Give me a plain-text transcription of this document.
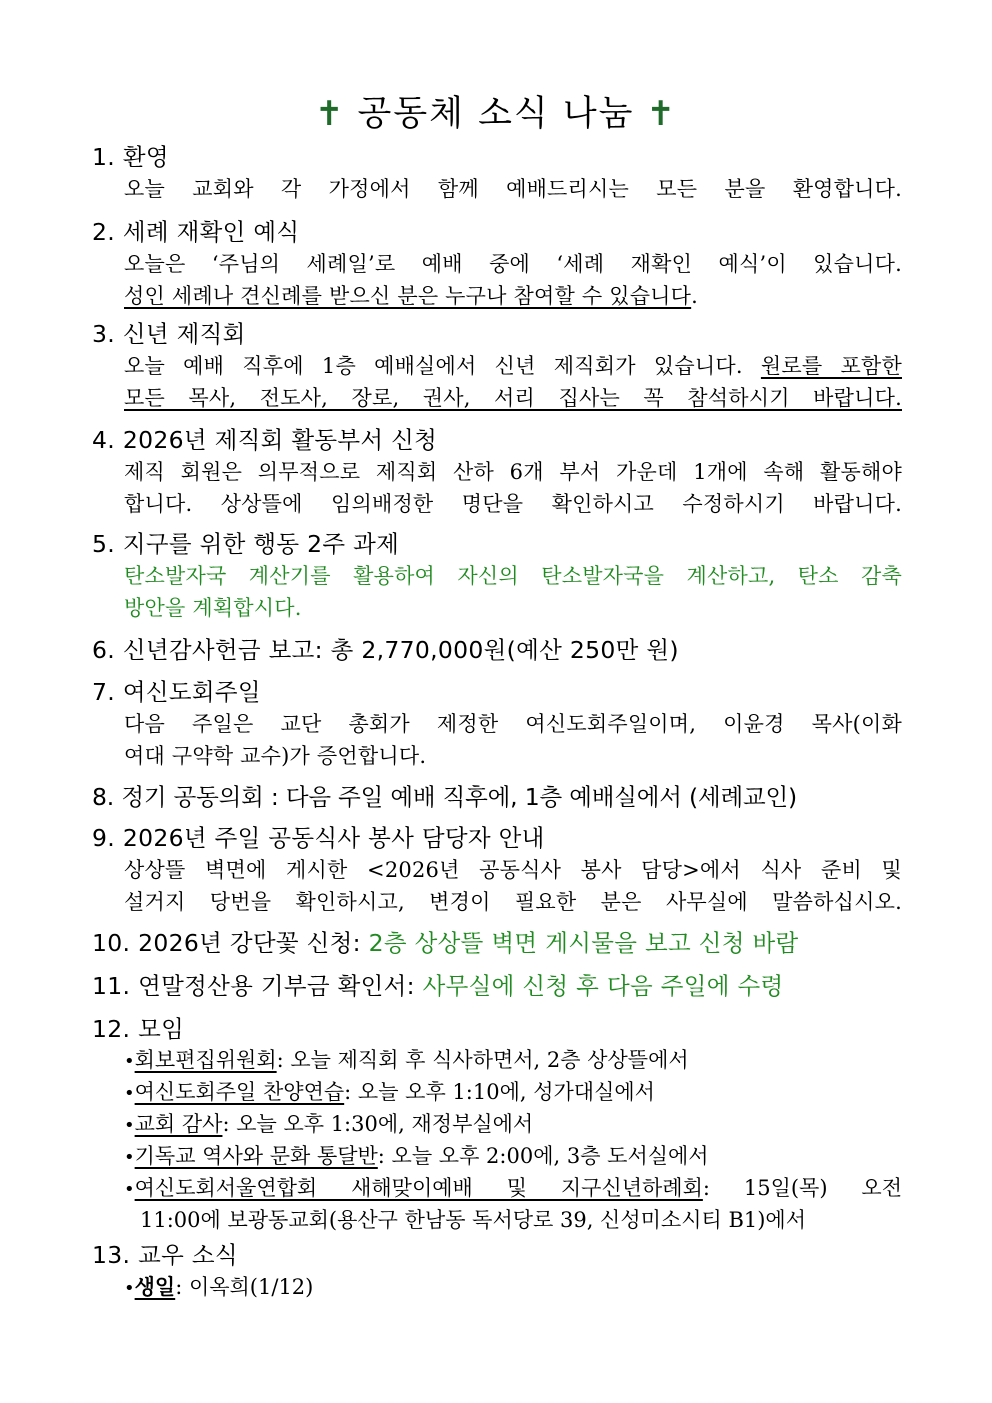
✝ 공동체 소식 나눔 ✝
1. 환영
오늘 교회와 각 가정에서 함께 예배드리시는 모든 분을 환영합니다.
2. 세례 재확인 예식
오늘은 ‘주님의 세례일’로 예배 중에 ‘세례 재확인 예식’이 있습니다.
성인 세례나 견신례를 받으신 분은 누구나 참여할 수 있습니다.
3. 신년 제직회
오늘 예배 직후에 1층 예배실에서 신년 제직회가 있습니다. 원로를 포함한
모든 목사, 전도사, 장로, 권사, 서리 집사는 꼭 참석하시기 바랍니다.
4. 2026년 제직회 활동부서 신청
제직 회원은 의무적으로 제직회 산하 6개 부서 가운데 1개에 속해 활동해야
합니다. 상상뜰에 임의배정한 명단을 확인하시고 수정하시기 바랍니다.
5. 지구를 위한 행동 2주 과제
탄소발자국 계산기를 활용하여 자신의 탄소발자국을 계산하고, 탄소 감축
방안을 계획합시다.
6. 신년감사헌금 보고: 총 2,770,000원(예산 250만 원)
7. 여신도회주일
다음 주일은 교단 총회가 제정한 여신도회주일이며, 이윤경 목사(이화
여대 구약학 교수)가 증언합니다.
8. 정기 공동의회 : 다음 주일 예배 직후에, 1층 예배실에서 (세례교인)
9. 2026년 주일 공동식사 봉사 담당자 안내
상상뜰 벽면에 게시한 <2026년 공동식사 봉사 담당>에서 식사 준비 및
설거지 당번을 확인하시고, 변경이 필요한 분은 사무실에 말씀하십시오.
10. 2026년 강단꽃 신청: 2층 상상뜰 벽면 게시물을 보고 신청 바람
11. 연말정산용 기부금 확인서: 사무실에 신청 후 다음 주일에 수령
12. 모임
•회보편집위원회: 오늘 제직회 후 식사하면서, 2층 상상뜰에서
•여신도회주일 찬양연습: 오늘 오후 1:10에, 성가대실에서
•교회 감사: 오늘 오후 1:30에, 재정부실에서
•기독교 역사와 문화 통달반: 오늘 오후 2:00에, 3층 도서실에서
•여신도회서울연합회 새해맞이예배 및 지구신년하례회: 15일(목) 오전
11:00에 보광동교회(용산구 한남동 독서당로 39, 신성미소시티 B1)에서
13. 교우 소식
•생일: 이옥희(1/12)
